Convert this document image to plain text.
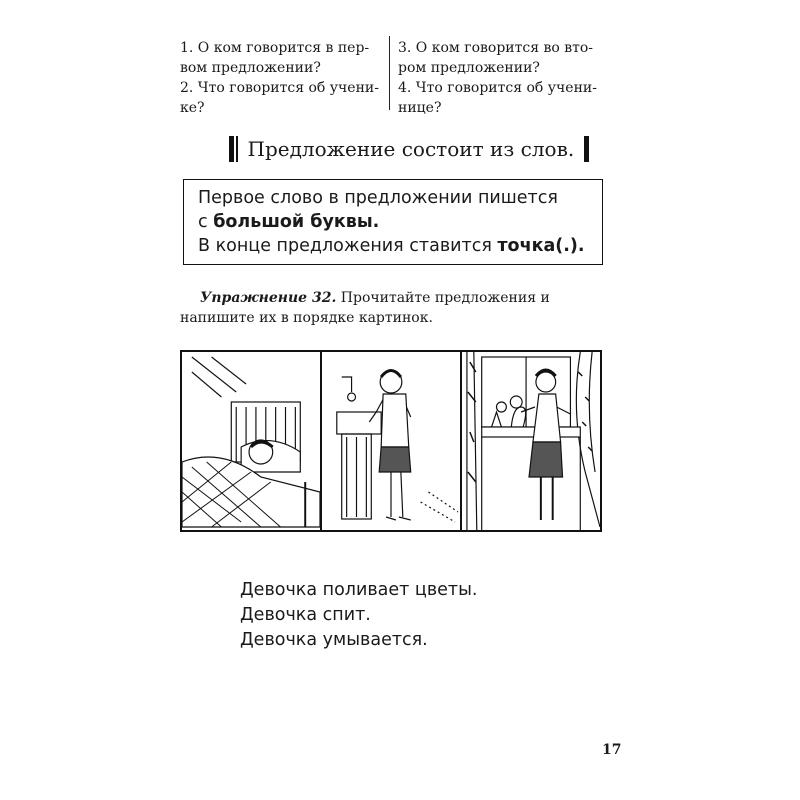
1. О ком говорится в пер-
вом предложении?
2. Что говорится об учени-
ке?
3. О ком говорится во вто-
ром предложении?
4. Что говорится об учени-
нице?
Предложение состоит из слов.
Первое слово в предложении пишется
с большой буквы.
В конце предложения ставится точка(.).
Упражнение 32. Прочитайте предложения и напишите их в порядке картинок.
Девочка поливает цветы.
Девочка спит.
Девочка умывается.
17
